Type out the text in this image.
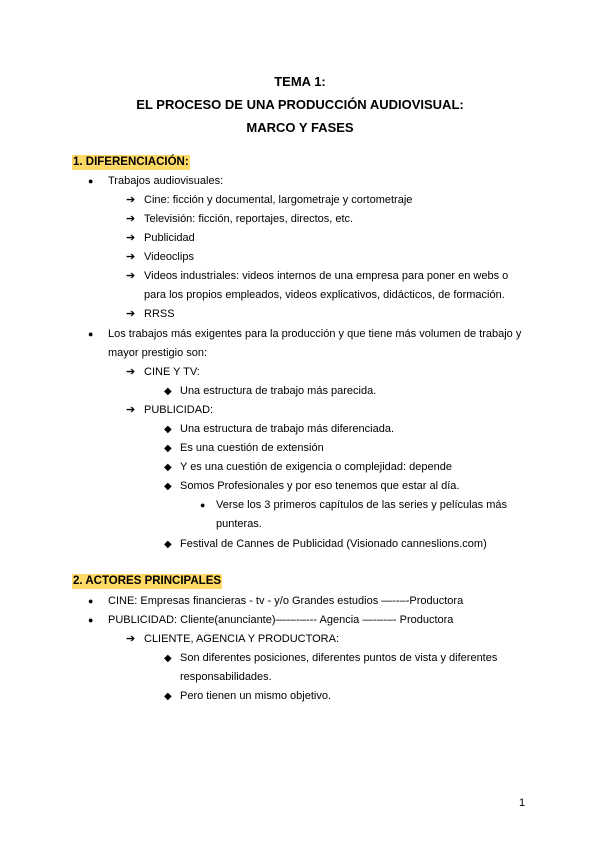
TEMA 1:
EL PROCESO DE UNA PRODUCCIÓN AUDIOVISUAL:
MARCO Y FASES
1. DIFERENCIACIÓN:
● Trabajos audiovisuales:
➔ Cine: ficción y documental, largometraje y cortometraje
➔ Televisión: ficción, reportajes, directos, etc.
➔ Publicidad
➔ Videoclips
➔ Videos industriales: videos internos de una empresa para poner en webs o
para los propios empleados, videos explicativos, didácticos, de formación.
➔ RRSS
● Los trabajos más exigentes para la producción y que tiene más volumen de trabajo y
mayor prestigio son:
➔ CINE Y TV:
◆ Una estructura de trabajo más parecida.
➔ PUBLICIDAD:
◆ Una estructura de trabajo más diferenciada.
◆ Es una cuestión de extensión
◆ Y es una cuestión de exigencia o complejidad: depende
◆ Somos Profesionales y por eso tenemos que estar al día.
● Verse los 3 primeros capítulos de las series y películas más
punteras.
◆ Festival de Cannes de Publicidad (Visionado canneslions.com)
2. ACTORES PRINCIPALES
● CINE: Empresas financieras - tv - y/o Grandes estudios —--–-Productora
● PUBLICIDAD: Cliente(anunciante)—-–-–--- Agencia —-–-–- Productora
➔ CLIENTE, AGENCIA Y PRODUCTORA:
◆ Son diferentes posiciones, diferentes puntos de vista y diferentes
responsabilidades.
◆ Pero tienen un mismo objetivo.
1
